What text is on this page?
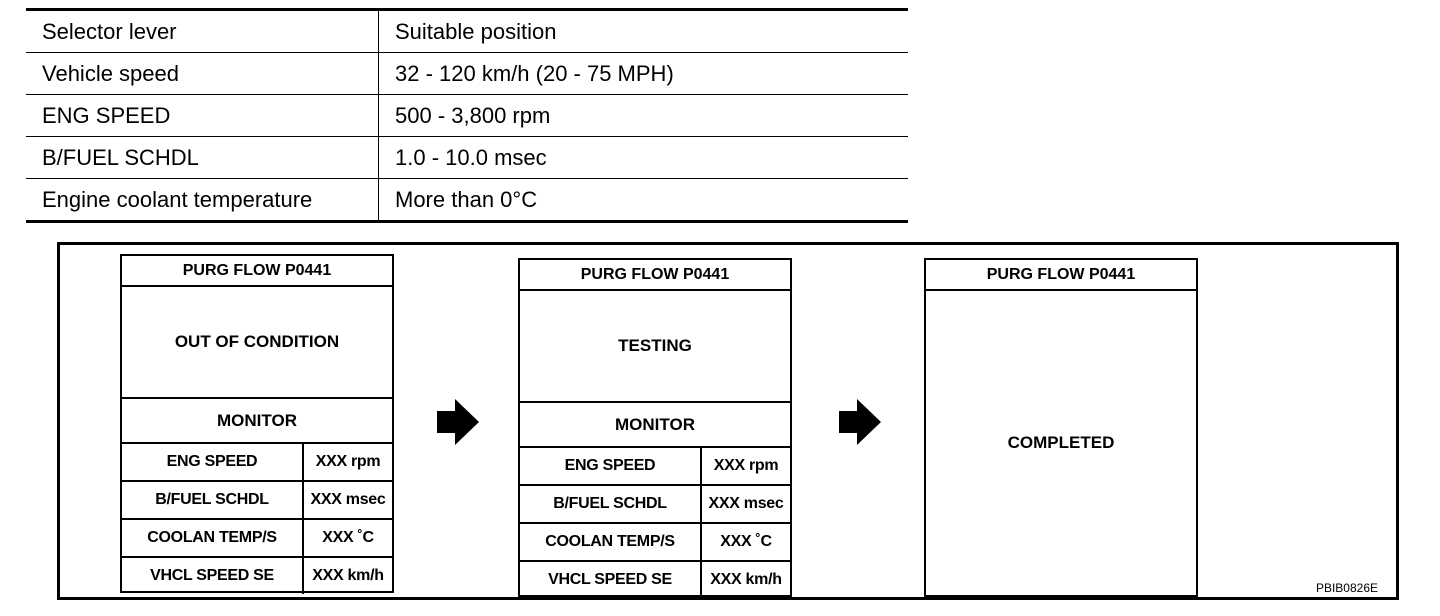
Selector lever	Suitable position
Vehicle speed	32 - 120 km/h (20 - 75 MPH)
ENG SPEED	500 - 3,800 rpm
B/FUEL SCHDL	1.0 - 10.0 msec
Engine coolant temperature	More than 0°C
PURG FLOW P0441
OUT OF CONDITION
MONITOR
ENG SPEED	XXX rpm
B/FUEL SCHDL	XXX msec
COOLAN TEMP/S	XXX ˚C
VHCL SPEED SE	XXX km/h
PURG FLOW P0441
TESTING
MONITOR
ENG SPEED	XXX rpm
B/FUEL SCHDL	XXX msec
COOLAN TEMP/S	XXX ˚C
VHCL SPEED SE	XXX km/h
PURG FLOW P0441
COMPLETED
PBIB0826E
